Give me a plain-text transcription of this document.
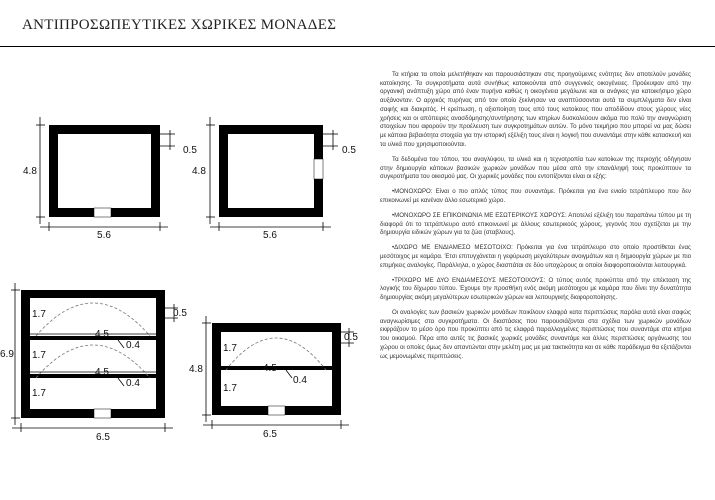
ΑΝΤΙΠΡΟΣΩΠΕΥΤΙΚΕΣ ΧΩΡΙΚΕΣ ΜΟΝΑΔΕΣ
5.6
4.8
0.5
5.6
4.8
0.5
4.5
4.5
0.4
0.4
1.7
1.7
1.7
0.5
6.5
6.9
4.5
0.4
1.7
1.7
0.5
6.5
4.8

Τα κτήρια τα οποία μελετήθηκαν και παρουσιάστηκαν στις προηγούμενες ενότητες δεν αποτελούν μονάδες κατοίκησης. Τα συγκροτήματα αυτά συνήθως κατοικούνται από συγγενικές οικογένειες. Προέκυψαν από την οργανική ανάπτυξη χώρο από έναν πυρήνα καθώς η οικογένεια μεγάλωνε και οι ανάγκες για κατοικήσιμο χώρο αυξάνονταν. Ο αρχικός πυρήνας από τον οποίο ξεκίνησαν να αναπτύσσονται αυτά τα συμπλέγματα δεν είναι σαφής και διακριτός. Η ερείπωση, η αξιοποίηση τους από τους κατοίκους που αποδίδουν στους χώρους νέες χρήσεις και οι απόπειρες ανασδόμησης/συντήρησης των κτηρίων δυσκολεύουν ακόμα πιο πολύ την αναγνώριση στοιχείων που αφορούν την προέλευση των συγκροτημάτων αυτών. Το μόνο τεκμήριο που μπορεί να μας δώσει με κάποια βεβαιότητα στοιχεία για την ιστορική εξέλιξη τους είναι η λογική που συναντάμε στην κάθε κατασκευή και τα υλικά που χρησιμοποιούνται.

Τα δεδομένα του τόπου, του αναγλύφου, τα υλικά και η τεχνοτροπία των κατοίκων της περιοχής οδήγησαν στην δημιουργία κάποιων βασικών χωρικών μονάδων που μέσα από την επανάληψή τους προκύπτουν τα συγκροτήματα του οικισμού μας. Οι χωρικές μονάδες που εντοπίζονται είναι οι εξής:

•ΜΟΝΟΧΩΡΟ: Είναι ο πιο απλός τύπος που συναντάμε. Πρόκειται για ένα ενιαίο τετράπλευρο που δεν επικοινωνεί με κανέναν άλλο εσωτερικό χώρο.

•ΜΟΝΟΧΩΡΟ ΣΕ ΕΠΙΚΟΙΝΩΝΙΑ ΜΕ ΕΣΩΤΕΡΙΚΟΥΣ ΧΩΡΟΥΣ: Αποτελεί εξέλιξη του παραπάνω τύπου με τη διαφορά ότι το τετράπλευρο αυτό επικοινωνεί με άλλους εσωτερικούς χώρους, γεγονός που σχετίζεται με την δημιουργία ειδικών χώρων για τα ζώα (σταβλους).

•ΔΙΧΩΡΟ ΜΕ ΕΝΔΙΑΜΕΣΟ ΜΕΣΟΤΟΙΧΟ: Πρόκειται για ένα τετράπλευρο στο οποίο προστίθεται ένας μεσότοιχος με καμάρα. Έτσι επιτυγχάνεται η γεφύρωση μεγαλύτερων ανοιγμάτων και η δημιουργία χώρων με πιο επιμήκεις αναλογίες. Παράλληλα, ο χώρος διασπάται σε δύο υποχώρους οι οποίοι διαφοροποιούνται λειτουργικά.

•ΤΡΙΧΩΡΟ ΜΕ ΔΥΟ ΕΝΔΙΑΜΕΣΟΥΣ ΜΕΣΟΤΟΙΧΟΥΣ: Ο τύπος αυτός προκύπτει από την επέκταση της λογικής του δίχωρου τύπου. Έχουμε την προσθήκη ενός ακόμη μεσότοιχου με καμάρα που δίνει την δυνατότητα δημιουργίας ακόμη μεγαλύτερων εσωτερικών χώρων και λειτουργικής διαφοροποίησης.

Οι αναλογίες των βασικών χωρικών μονάδων ποικίλουν ελαφρά κατα περιπτώσεις παρόλα αυτά είναι σαφώς αναγνωρίσιμες στα συγκροτήματα. Οι διαστάσεις που παρουσιάζονται στα σχέδια των χωρικών μονάδων εκφράζουν το μέσο όρο που προκύπτει από τις ελαφρά παραλλαγμένες περιπτώσεις που συναντάμε στα κτήρια του οικισμού. Πέρα απο αυτές τις βασικές χωρικές μονάδες συναντάμε και άλλες περιπτώσεις οργάνωσης του χώρου οι οποίες όμως δεν απαντώνται στην μελέτη μας με μια τακτικότητα και σε κάθε παράδειγμα θα εξετάζονται ως μεμονωμένες περιπτώσεις.
